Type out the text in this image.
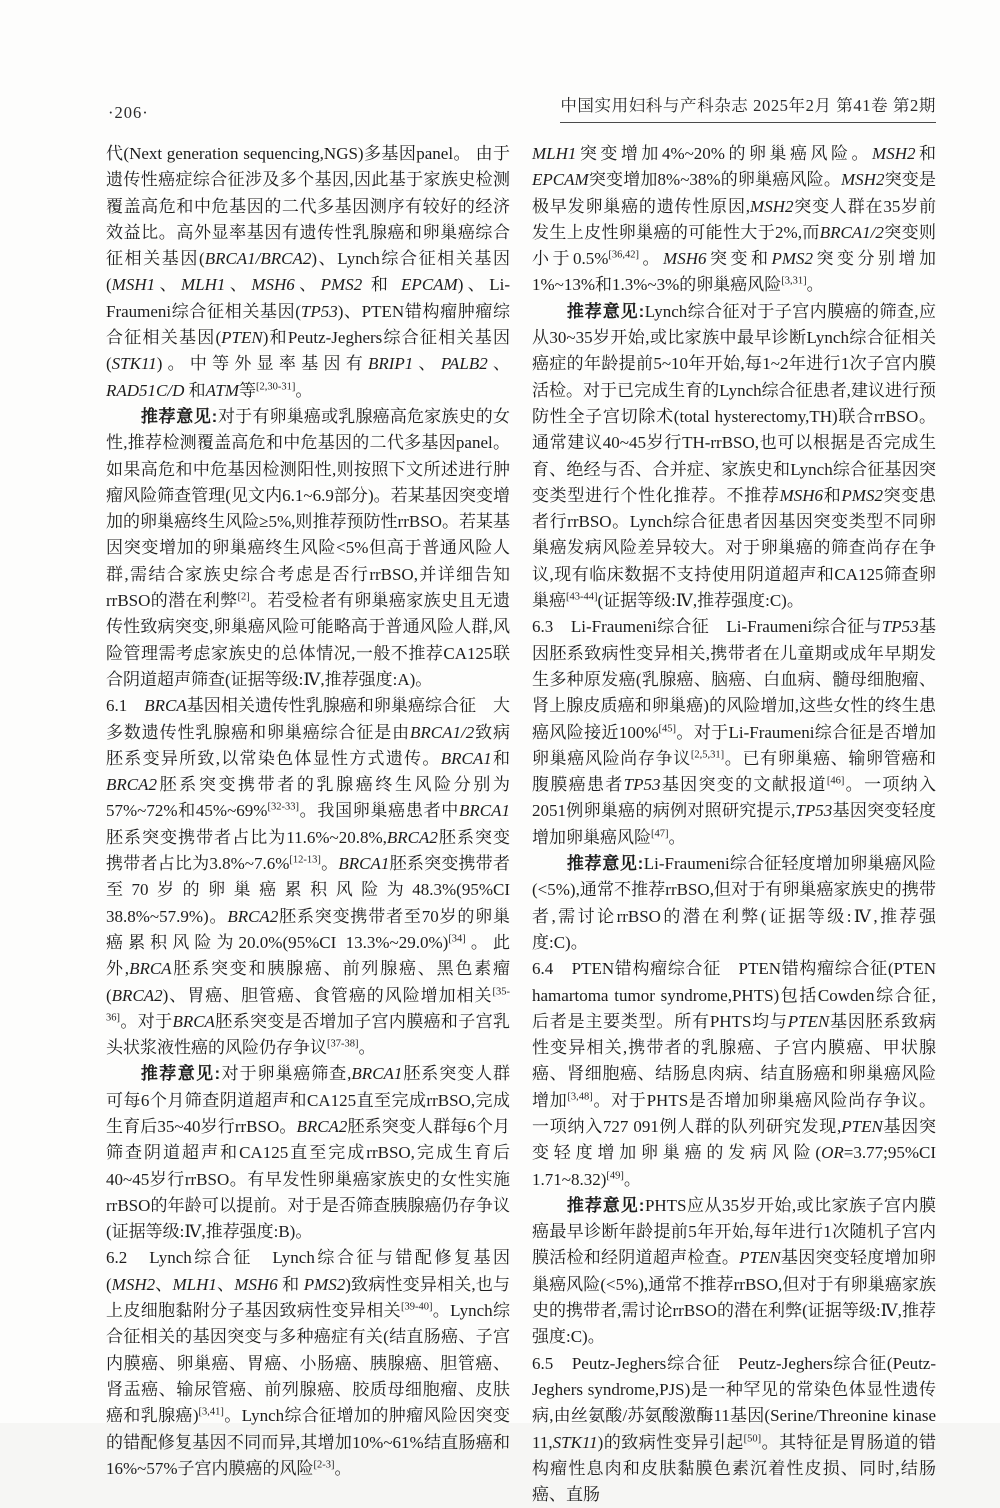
·206·	中国实用妇科与产科杂志 2025年2月 第41卷 第2期

代(Next generation sequencing,NGS)多基因panel。 由于遗传性癌症综合征涉及多个基因,因此基于家族史检测覆盖高危和中危基因的二代多基因测序有较好的经济效益比。高外显率基因有遗传性乳腺癌和卵巢癌综合征相关基因(BRCA1/BRCA2)、Lynch综合征相关基因(MSH1、MLH1、MSH6、PMS2 和 EPCAM)、Li-Fraumeni综合征相关基因(TP53)、PTEN错构瘤肿瘤综合征相关基因(PTEN)和Peutz-Jeghers综合征相关基因(STK11)。中等外显率基因有BRIP1、PALB2、RAD51C/D 和ATM等[2,30-31]。

推荐意见:对于有卵巢癌或乳腺癌高危家族史的女性,推荐检测覆盖高危和中危基因的二代多基因panel。如果高危和中危基因检测阳性,则按照下文所述进行肿瘤风险筛查管理(见文内6.1~6.9部分)。若某基因突变增加的卵巢癌终生风险≥5%,则推荐预防性rrBSO。若某基因突变增加的卵巢癌终生风险<5%但高于普通风险人群,需结合家族史综合考虑是否行rrBSO,并详细告知rrBSO的潜在利弊[2]。若受检者有卵巢癌家族史且无遗传性致病突变,卵巢癌风险可能略高于普通风险人群,风险管理需考虑家族史的总体情况,一般不推荐CA125联合阴道超声筛查(证据等级:Ⅳ,推荐强度:A)。

6.1　BRCA基因相关遗传性乳腺癌和卵巢癌综合征　大多数遗传性乳腺癌和卵巢癌综合征是由BRCA1/2致病胚系变异所致,以常染色体显性方式遗传。BRCA1和BRCA2胚系突变携带者的乳腺癌终生风险分别为57%~72%和45%~69%[32-33]。我国卵巢癌患者中BRCA1胚系突变携带者占比为11.6%~20.8%,BRCA2胚系突变携带者占比为3.8%~7.6%[12-13]。BRCA1胚系突变携带者至70岁的卵巢癌累积风险为48.3%(95%CI 38.8%~57.9%)。BRCA2胚系突变携带者至70岁的卵巢癌累积风险为20.0%(95%CI 13.3%~29.0%)[34]。此外,BRCA胚系突变和胰腺癌、前列腺癌、黑色素瘤(BRCA2)、胃癌、胆管癌、食管癌的风险增加相关[35-36]。对于BRCA胚系突变是否增加子宫内膜癌和子宫乳头状浆液性癌的风险仍存争议[37-38]。

推荐意见:对于卵巢癌筛查,BRCA1胚系突变人群可每6个月筛查阴道超声和CA125直至完成rrBSO,完成生育后35~40岁行rrBSO。BRCA2胚系突变人群每6个月筛查阴道超声和CA125直至完成rrBSO,完成生育后40~45岁行rrBSO。有早发性卵巢癌家族史的女性实施rrBSO的年龄可以提前。对于是否筛查胰腺癌仍存争议(证据等级:Ⅳ,推荐强度:B)。

6.2　Lynch综合征　Lynch综合征与错配修复基因(MSH2、MLH1、MSH6 和 PMS2)致病性变异相关,也与上皮细胞黏附分子基因致病性变异相关[39-40]。Lynch综合征相关的基因突变与多种癌症有关(结直肠癌、子宫内膜癌、卵巢癌、胃癌、小肠癌、胰腺癌、胆管癌、肾盂癌、输尿管癌、前列腺癌、胶质母细胞瘤、皮肤癌和乳腺癌)[3,41]。Lynch综合征增加的肿瘤风险因突变的错配修复基因不同而异,其增加10%~61%结直肠癌和16%~57%子宫内膜癌的风险[2-3]。

MLH1突变增加4%~20%的卵巢癌风险。MSH2和EPCAM突变增加8%~38%的卵巢癌风险。MSH2突变是极早发卵巢癌的遗传性原因,MSH2突变人群在35岁前发生上皮性卵巢癌的可能性大于2%,而BRCA1/2突变则小于0.5%[36,42]。MSH6突变和PMS2突变分别增加1%~13%和1.3%~3%的卵巢癌风险[3,31]。

推荐意见:Lynch综合征对于子宫内膜癌的筛查,应从30~35岁开始,或比家族中最早诊断Lynch综合征相关癌症的年龄提前5~10年开始,每1~2年进行1次子宫内膜活检。对于已完成生育的Lynch综合征患者,建议进行预防性全子宫切除术(total hysterectomy,TH)联合rrBSO。通常建议40~45岁行TH-rrBSO,也可以根据是否完成生育、绝经与否、合并症、家族史和Lynch综合征基因突变类型进行个性化推荐。不推荐MSH6和PMS2突变患者行rrBSO。Lynch综合征患者因基因突变类型不同卵巢癌发病风险差异较大。对于卵巢癌的筛查尚存在争议,现有临床数据不支持使用阴道超声和CA125筛查卵巢癌[43-44](证据等级:Ⅳ,推荐强度:C)。

6.3　Li-Fraumeni综合征　Li-Fraumeni综合征与TP53基因胚系致病性变异相关,携带者在儿童期或成年早期发生多种原发癌(乳腺癌、脑癌、白血病、髓母细胞瘤、肾上腺皮质癌和卵巢癌)的风险增加,这些女性的终生患癌风险接近100%[45]。对于Li-Fraumeni综合征是否增加卵巢癌风险尚存争议[2,5,31]。已有卵巢癌、输卵管癌和腹膜癌患者TP53基因突变的文献报道[46]。一项纳入2051例卵巢癌的病例对照研究提示,TP53基因突变轻度增加卵巢癌风险[47]。

推荐意见:Li-Fraumeni综合征轻度增加卵巢癌风险(<5%),通常不推荐rrBSO,但对于有卵巢癌家族史的携带者,需讨论rrBSO的潜在利弊(证据等级:Ⅳ,推荐强度:C)。

6.4　PTEN错构瘤综合征　PTEN错构瘤综合征(PTEN hamartoma tumor syndrome,PHTS)包括Cowden综合征,后者是主要类型。所有PHTS均与PTEN基因胚系致病性变异相关,携带者的乳腺癌、子宫内膜癌、甲状腺癌、肾细胞癌、结肠息肉病、结直肠癌和卵巢癌风险增加[3,48]。对于PHTS是否增加卵巢癌风险尚存争议。一项纳入727 091例人群的队列研究发现,PTEN基因突变轻度增加卵巢癌的发病风险(OR=3.77;95%CI 1.71~8.32)[49]。

推荐意见:PHTS应从35岁开始,或比家族子宫内膜癌最早诊断年龄提前5年开始,每年进行1次随机子宫内膜活检和经阴道超声检查。PTEN基因突变轻度增加卵巢癌风险(<5%),通常不推荐rrBSO,但对于有卵巢癌家族史的携带者,需讨论rrBSO的潜在利弊(证据等级:Ⅳ,推荐强度:C)。

6.5　Peutz-Jeghers综合征　Peutz-Jeghers综合征(Peutz-Jeghers syndrome,PJS)是一种罕见的常染色体显性遗传病,由丝氨酸/苏氨酸激酶11基因(Serine/Threonine kinase 11,STK11)的致病性变异引起[50]。其特征是胃肠道的错构瘤性息肉和皮肤黏膜色素沉着性皮损、同时,结肠癌、直肠
